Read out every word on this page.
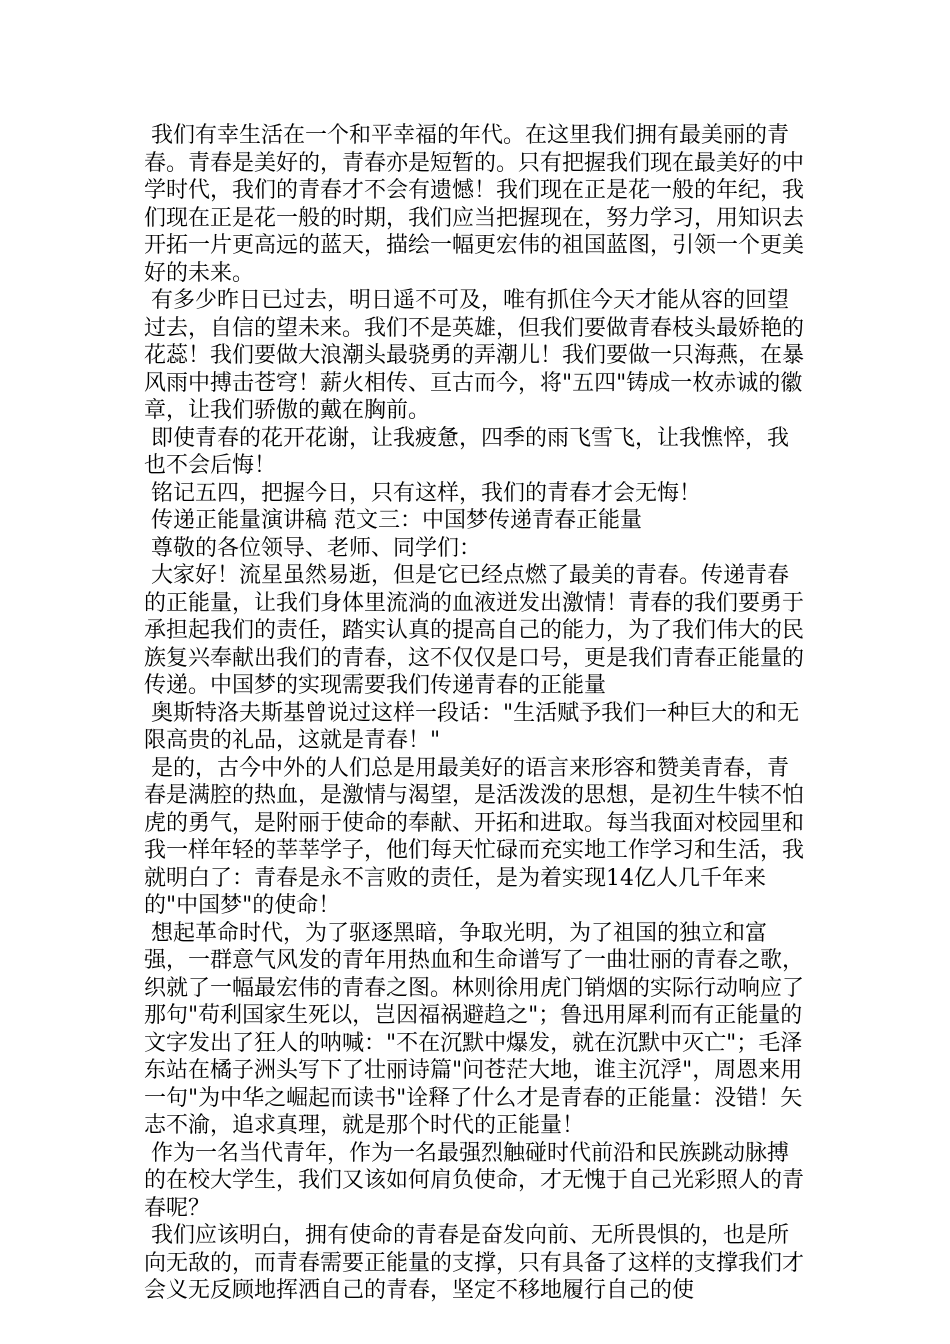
我们有幸生活在一个和平幸福的年代。在这里我们拥有最美丽的青春。青春是美好的，青春亦是短暂的。只有把握我们现在最美好的中学时代，我们的青春才不会有遗憾！我们现在正是花一般的年纪，我们现在正是花一般的时期，我们应当把握现在，努力学习，用知识去开拓一片更高远的蓝天，描绘一幅更宏伟的祖国蓝图，引领一个更美好的未来。

有多少昨日已过去，明日遥不可及，唯有抓住今天才能从容的回望过去，自信的望未来。我们不是英雄，但我们要做青春枝头最娇艳的花蕊！我们要做大浪潮头最骁勇的弄潮儿！我们要做一只海燕，在暴风雨中搏击苍穹！薪火相传、亘古而今，将"五四"铸成一枚赤诚的徽章，让我们骄傲的戴在胸前。

即使青春的花开花谢，让我疲惫，四季的雨飞雪飞，让我憔悴，我也不会后悔！

铭记五四，把握今日，只有这样，我们的青春才会无悔！

传递正能量演讲稿 范文三：中国梦传递青春正能量

尊敬的各位领导、老师、同学们：

大家好！流星虽然易逝，但是它已经点燃了最美的青春。传递青春的正能量，让我们身体里流淌的血液迸发出激情！青春的我们要勇于承担起我们的责任，踏实认真的提高自己的能力，为了我们伟大的民族复兴奉献出我们的青春，这不仅仅是口号，更是我们青春正能量的传递。中国梦的实现需要我们传递青春的正能量

奥斯特洛夫斯基曾说过这样一段话："生活赋予我们一种巨大的和无限高贵的礼品，这就是青春！"

是的，古今中外的人们总是用最美好的语言来形容和赞美青春，青春是满腔的热血，是激情与渴望，是活泼泼的思想，是初生牛犊不怕虎的勇气，是附丽于使命的奉献、开拓和进取。每当我面对校园里和我一样年轻的莘莘学子，他们每天忙碌而充实地工作学习和生活，我就明白了：青春是永不言败的责任，是为着实现14亿人几千年来的"中国梦"的使命！

想起革命时代，为了驱逐黑暗，争取光明，为了祖国的独立和富强，一群意气风发的青年用热血和生命谱写了一曲壮丽的青春之歌，织就了一幅最宏伟的青春之图。林则徐用虎门销烟的实际行动响应了那句"苟利国家生死以，岂因福祸避趋之"；鲁迅用犀利而有正能量的文字发出了狂人的呐喊："不在沉默中爆发，就在沉默中灭亡"；毛泽东站在橘子洲头写下了壮丽诗篇"问苍茫大地，谁主沉浮"，周恩来用一句"为中华之崛起而读书"诠释了什么才是青春的正能量：没错！矢志不渝，追求真理，就是那个时代的正能量！

作为一名当代青年，作为一名最强烈触碰时代前沿和民族跳动脉搏的在校大学生，我们又该如何肩负使命，才无愧于自己光彩照人的青春呢？

我们应该明白，拥有使命的青春是奋发向前、无所畏惧的，也是所向无敌的，而青春需要正能量的支撑，只有具备了这样的支撑我们才会义无反顾地挥洒自己的青春，坚定不移地履行自己的使
